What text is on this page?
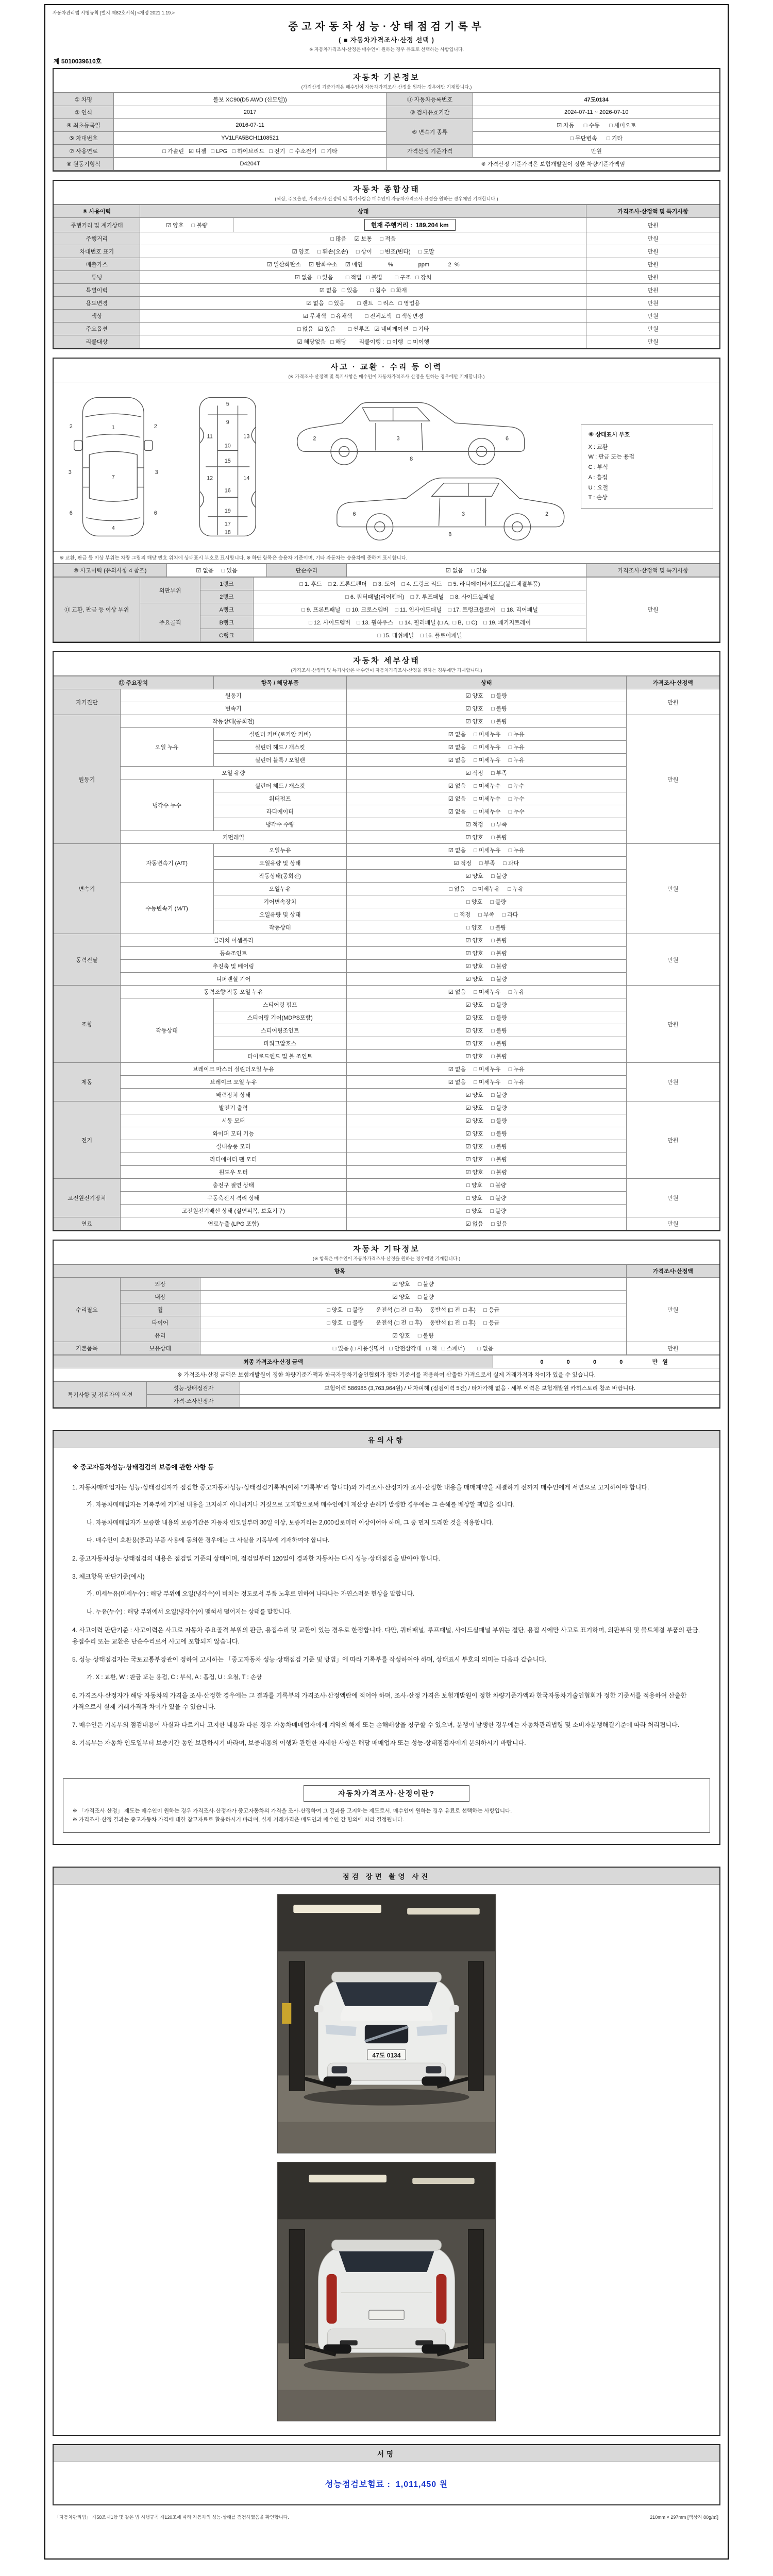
자동차관리법 시행규칙 [별지 제82호서식] <개정 2021.1.19.>
중고자동차성능·상태점검기록부
( ■ 자동차가격조사·산정 선택 )
※ 자동차가격조사·산정은 매수인이 원하는 경우 유료로 선택하는 사항입니다.
제 5010039610호
자동차 기본정보
(가격산정 기준가격은 매수인이 자동차가격조사·산정을 원하는 경우에만 기재합니다.)
① 차명	볼보 XC90(D5 AWD (신모델))	⑪ 자동차등록번호	47도0134
② 연식	2017	③ 검사유효기간	2024-07-11 ~ 2026-07-10
④ 최초등록일	2016-07-11	⑥ 변속기 종류	☑ 자동      □ 수동      □ 세미오토
⑤ 차대번호	YV1LFA5BCH1108521		□ 무단변속      □ 기타
⑦ 사용연료	□ 가솔린   ☑ 디젤   □ LPG   □ 하이브리드   □ 전기   □ 수소전기   □ 기타	가격산정 기준가격	만원
⑧ 원동기형식	D4204T	※ 가격산정 기준가격은 보험개발원이 정한 차량기준가액임	
자동차 종합상태
(색상, 주요옵션, 가격조사·산정액 및 특기사항은 매수인이 자동차가격조사·산정을 원하는 경우에만 기재합니다.)
⑨ 사용이력	상태		가격조사·산정액 및 특기사항
주행거리 및 계기상태	☑ 양호     □ 불량	현재 주행거리 :  189,204 km	만원
주행거리	□ 많음     ☑ 보통     □ 적음		만원
차대번호 표기	☑ 양호     □ 훼손(오손)     □ 상이     □ 변조(변타)     □ 도말		만원
배출가스	☑ 일산화탄소     ☑ 탄화수소     ☑ 매연                %                ppm            2  %		만원
튜닝	☑ 없음   □ 있음        □ 적법   □ 불법        □ 구조   □ 장치		만원
특별이력	☑ 없음   □ 있음        □ 침수   □ 화재		만원
용도변경	☑ 없음   □ 있음        □ 렌트   □ 리스   □ 영업용		만원
색상	☑ 무채색   □ 유채색        □ 전체도색   □ 색상변경		만원
주요옵션	□ 없음   ☑ 있음        □ 썬루프   ☑ 네비게이션   □ 기타		만원
리콜대상	☑ 해당없음   □ 해당        리콜이행 :  □ 이행   □ 미이행		만원
사고 · 교환 · 수리 등 이력
(※ 가격조사·산정액 및 특기사항은 매수인이 자동차가격조사·산정을 원하는 경우에만 기재합니다.)
1
7
4
2	2
3	3
6	6
5
9
11	13
10
15
12	14
16
19
17
18
2	3	6
8
2
3
6
8
※ 상태표시 부호
X : 교환
W : 판금 또는 용접
C : 부식
A : 흠집
U : 요철
T : 손상
※ 교환, 판금 등 이상 부위는 차량 그림의 해당 번호 위치에 상태표시 부호로 표시합니다. ※ 하단 항목은 승용차 기준이며, 기타 자동차는 승용차에 준하여 표시합니다.
⑩ 사고이력 (유의사항 4 참조)	☑ 없음     □ 있음	단순수리	☑ 없음     □ 있음	가격조사·산정액 및 특기사항
⑪ 교환, 판금 등 이상 부위	외판부위	1랭크	□ 1. 후드    □ 2. 프론트펜더    □ 3. 도어    □ 4. 트렁크 리드    □ 5. 라디에이터서포트(볼트체결부품)	만원
		2랭크	□ 6. 쿼터패널(리어펜더)    □ 7. 루프패널    □ 8. 사이드실패널	
	주요골격	A랭크	□ 9. 프론트패널    □ 10. 크로스멤버    □ 11. 인사이드패널    □ 17. 트렁크플로어    □ 18. 리어패널	
		B랭크	□ 12. 사이드멤버    □ 13. 휠하우스    □ 14. 필러패널 (□ A,  □ B,  □ C)    □ 19. 패키지트레이	
		C랭크	□ 15. 대쉬패널    □ 16. 플로어패널	
자동차 세부상태
(가격조사·산정액 및 특기사항은 매수인이 자동차가격조사·산정을 원하는 경우에만 기재합니다.)
⑫ 주요장치		항목 / 해당부품	상태	가격조사·산정액
자기진단	원동기		☑ 양호     □ 불량	만원
	변속기		☑ 양호     □ 불량	
원동기	작동상태(공회전)		☑ 양호     □ 불량	만원
	오일 누유	실린더 커버(로커암 커버)	☑ 없음     □ 미세누유     □ 누유	
		실린더 헤드 / 개스킷	☑ 없음     □ 미세누유     □ 누유	
		실린더 블록 / 오일팬	☑ 없음     □ 미세누유     □ 누유	
	오일 유량		☑ 적정     □ 부족	
	냉각수 누수	실린더 헤드 / 개스킷	☑ 없음     □ 미세누수     □ 누수	
		워터펌프	☑ 없음     □ 미세누수     □ 누수	
		라디에이터	☑ 없음     □ 미세누수     □ 누수	
		냉각수 수량	☑ 적정     □ 부족	
	커먼레일		☑ 양호     □ 불량	
변속기	자동변속기 (A/T)	오일누유	☑ 없음     □ 미세누유     □ 누유	만원
		오일유량 및 상태	☑ 적정     □ 부족     □ 과다	
		작동상태(공회전)	☑ 양호     □ 불량	
	수동변속기 (M/T)	오일누유	□ 없음     □ 미세누유     □ 누유	
		기어변속장치	□ 양호     □ 불량	
		오일유량 및 상태	□ 적정     □ 부족     □ 과다	
		작동상태	□ 양호     □ 불량	
동력전달	클러치 어셈블리		☑ 양호     □ 불량	만원
	등속조인트		☑ 양호     □ 불량	
	추진축 및 베어링		☑ 양호     □ 불량	
	디퍼렌셜 기어		☑ 양호     □ 불량	
조향	동력조향 작동 오일 누유		☑ 없음     □ 미세누유     □ 누유	만원
	작동상태	스티어링 펌프	☑ 양호     □ 불량	
		스티어링 기어(MDPS포함)	☑ 양호     □ 불량	
		스티어링조인트	☑ 양호     □ 불량	
		파워고압호스	☑ 양호     □ 불량	
		타이로드엔드 및 볼 조인트	☑ 양호     □ 불량	
제동	브레이크 마스터 실린더오일 누유		☑ 없음     □ 미세누유     □ 누유	만원
	브레이크 오일 누유		☑ 없음     □ 미세누유     □ 누유	
	배력장치 상태		☑ 양호     □ 불량	
전기	발전기 출력		☑ 양호     □ 불량	만원
	시동 모터		☑ 양호     □ 불량	
	와이퍼 모터 기능		☑ 양호     □ 불량	
	실내송풍 모터		☑ 양호     □ 불량	
	라디에이터 팬 모터		☑ 양호     □ 불량	
	윈도우 모터		☑ 양호     □ 불량	
고전원전기장치	충전구 절연 상태		□ 양호     □ 불량	만원
	구동축전지 격리 상태		□ 양호     □ 불량	
	고전원전기배선 상태 (절연피복, 보호기구)		□ 양호     □ 불량	
연료	연료누출 (LPG 포함)		☑ 없음     □ 있음	만원
자동차 기타정보
(※ 항목은 매수인이 자동차가격조사·산정을 원하는 경우에만 기재합니다.)
항목			가격조사·산정액
수리필요	외장	☑ 양호     □ 불량	만원
	내장	☑ 양호     □ 불량	
	휠	□ 양호   □ 불량        운전석 (□ 전  □ 후)     동반석 (□ 전  □ 후)     □ 응급	
	타이어	□ 양호   □ 불량        운전석 (□ 전  □ 후)     동반석 (□ 전  □ 후)     □ 응급	
	유리	☑ 양호     □ 불량	
기본품목	보유상태	□ 있음 (□ 사용설명서   □ 안전삼각대   □ 잭   □ 스패너)        □ 없음	만원
최종 가격조사·산정 금액	0   0   0   0    만원
※ 가격조사·산정 금액은 보험개발원이 정한 차량기준가액과 한국자동차기술인협회가 정한 기준서를 적용하여 산출한 가격으로서 실제 거래가격과 차이가 있을 수 있습니다.
특기사항 및 점검자의 의견	성능·상태점검자	보험이력 586985 (3,763,964원) / 내차피해 (점검이력 5건) / 타차가해 없음 · 세부 이력은 보험개발원 카히스토리 참조 바랍니다.
	가격·조사산정자	
유의사항
※ 중고자동차성능·상태점검의 보증에 관한 사항 등
1. 자동차매매업자는 성능·상태점검자가 점검한 중고자동차성능·상태점검기록부(이하 "기록부"라 합니다)와 가격조사·산정자가 조사·산정한 내용을 매매계약을 체결하기 전까지 매수인에게 서면으로 고지하여야 합니다.
가. 자동차매매업자는 기록부에 기재된 내용을 고지하지 아니하거나 거짓으로 고지함으로써 매수인에게 재산상 손해가 발생한 경우에는 그 손해를 배상할 책임을 집니다.
나. 자동차매매업자가 보증한 내용의 보증기간은 자동차 인도일부터 30일 이상, 보증거리는 2,000킬로미터 이상이어야 하며, 그 중 먼저 도래한 것을 적용합니다.
다. 매수인이 호환용(중고) 부품 사용에 동의한 경우에는 그 사실을 기록부에 기재하여야 합니다.
2. 중고자동차성능·상태점검의 내용은 점검일 기준의 상태이며, 점검일부터 120일이 경과한 자동차는 다시 성능·상태점검을 받아야 합니다.
3. 체크항목 판단기준(예시)
가. 미세누유(미세누수) : 해당 부위에 오일(냉각수)이 비치는 정도로서 부품 노후로 인하여 나타나는 자연스러운 현상을 말합니다.
나. 누유(누수) : 해당 부위에서 오일(냉각수)이 맺혀서 떨어지는 상태를 말합니다.
4. 사고이력 판단기준 : 사고이력은 사고로 자동차 주요골격 부위의 판금, 용접수리 및 교환이 있는 경우로 한정합니다. 다만, 쿼터패널, 루프패널, 사이드실패널 부위는 절단, 용접 시에만 사고로 표기하며, 외판부위 및 볼트체결 부품의 판금, 용접수리 또는 교환은 단순수리로서 사고에 포함되지 않습니다.
5. 성능·상태점검자는 국토교통부장관이 정하여 고시하는 「중고자동차 성능·상태점검 기준 및 방법」에 따라 기록부를 작성하여야 하며, 상태표시 부호의 의미는 다음과 같습니다.
가. X : 교환, W : 판금 또는 용접, C : 부식, A : 흠집, U : 요철, T : 손상
6. 가격조사·산정자가 해당 자동차의 가격을 조사·산정한 경우에는 그 결과를 기록부의 가격조사·산정액란에 적어야 하며, 조사·산정 가격은 보험개발원이 정한 차량기준가액과 한국자동차기술인협회가 정한 기준서를 적용하여 산출한 가격으로서 실제 거래가격과 차이가 있을 수 있습니다.
7. 매수인은 기록부의 점검내용이 사실과 다르거나 고지한 내용과 다른 경우 자동차매매업자에게 계약의 해제 또는 손해배상을 청구할 수 있으며, 분쟁이 발생한 경우에는 자동차관리법령 및 소비자분쟁해결기준에 따라 처리됩니다.
8. 기록부는 자동차 인도일부터 보증기간 동안 보관하시기 바라며, 보증내용의 이행과 관련한 자세한 사항은 해당 매매업자 또는 성능·상태점검자에게 문의하시기 바랍니다.
자동차가격조사·산정이란?
※ 「가격조사·산정」 제도는 매수인이 원하는 경우 가격조사·산정자가 중고자동차의 가격을 조사·산정하여 그 결과를 고지하는 제도로서, 매수인이 원하는 경우 유료로 선택하는 사항입니다.
※ 가격조사·산정 결과는 중고자동차 가격에 대한 참고자료로 활용하시기 바라며, 실제 거래가격은 매도인과 매수인 간 합의에 따라 결정됩니다.
점검 장면 촬영 사진
47도 0134
서명
성능점검보험료 : 1,011,450 원
「자동차관리법」 제58조제1항 및 같은 법 시행규칙 제120조에 따라 자동차의 성능·상태를 점검하였음을 확인합니다.	210mm × 297mm [백상지 80g/㎡]
